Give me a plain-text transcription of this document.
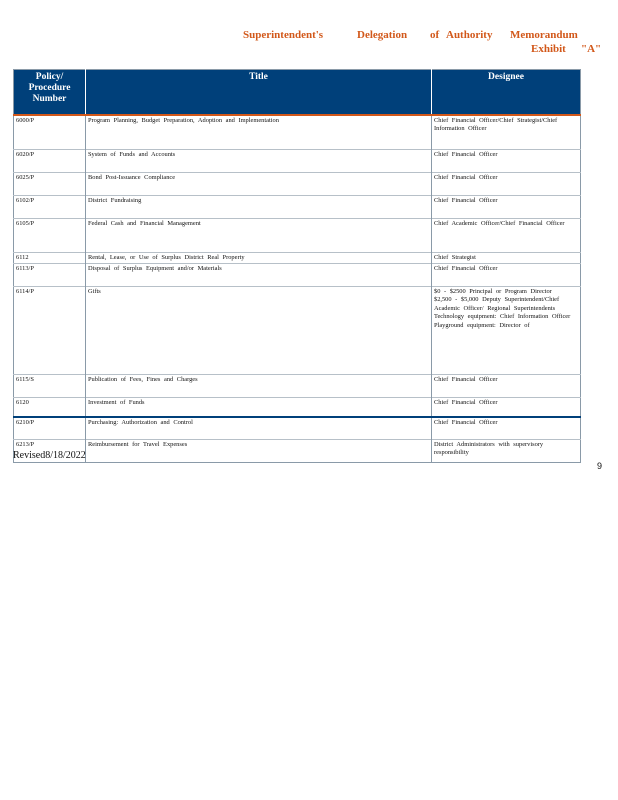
Superintendent's	Delegation of Authority Memorandum
Exhibit "A"
Policy/ Procedure Number	Title	Designee
6000/P	Program Planning, Budget Preparation, Adoption and Implementation	Chief Financial Officer/Chief Strategist/Chief Information Officer
6020/P	System of Funds and Accounts	Chief Financial Officer
6025/P	Bond Post-Issuance Compliance	Chief Financial Officer
6102/P	District Fundraising	Chief Financial Officer
6105/P	Federal Cash and Financial Management	Chief Academic Officer/Chief Financial Officer
6112	Rental, Lease, or Use of Surplus District Real Property	Chief Strategist
6113/P	Disposal of Surplus Equipment and/or Materials	Chief Financial Officer
6114/P	Gifts	$0 - $2500 Principal or Program Director
$2,500 - $5,000 Deputy Superintendent/Chief Academic Officer/ Regional Superintendents
Technology equipment: Chief Information Officer
Playground equipment: Director of

6115/S	Publication of Fees, Fines and Charges	Chief Financial Officer
6120	Investment of Funds	Chief Financial Officer
6210/P	Purchasing: Authorization and Control	Chief Financial Officer
6213/P	Reimbursement for Travel Expenses	District Administrators with supervisory responsibility
Revised8/18/2022
9
